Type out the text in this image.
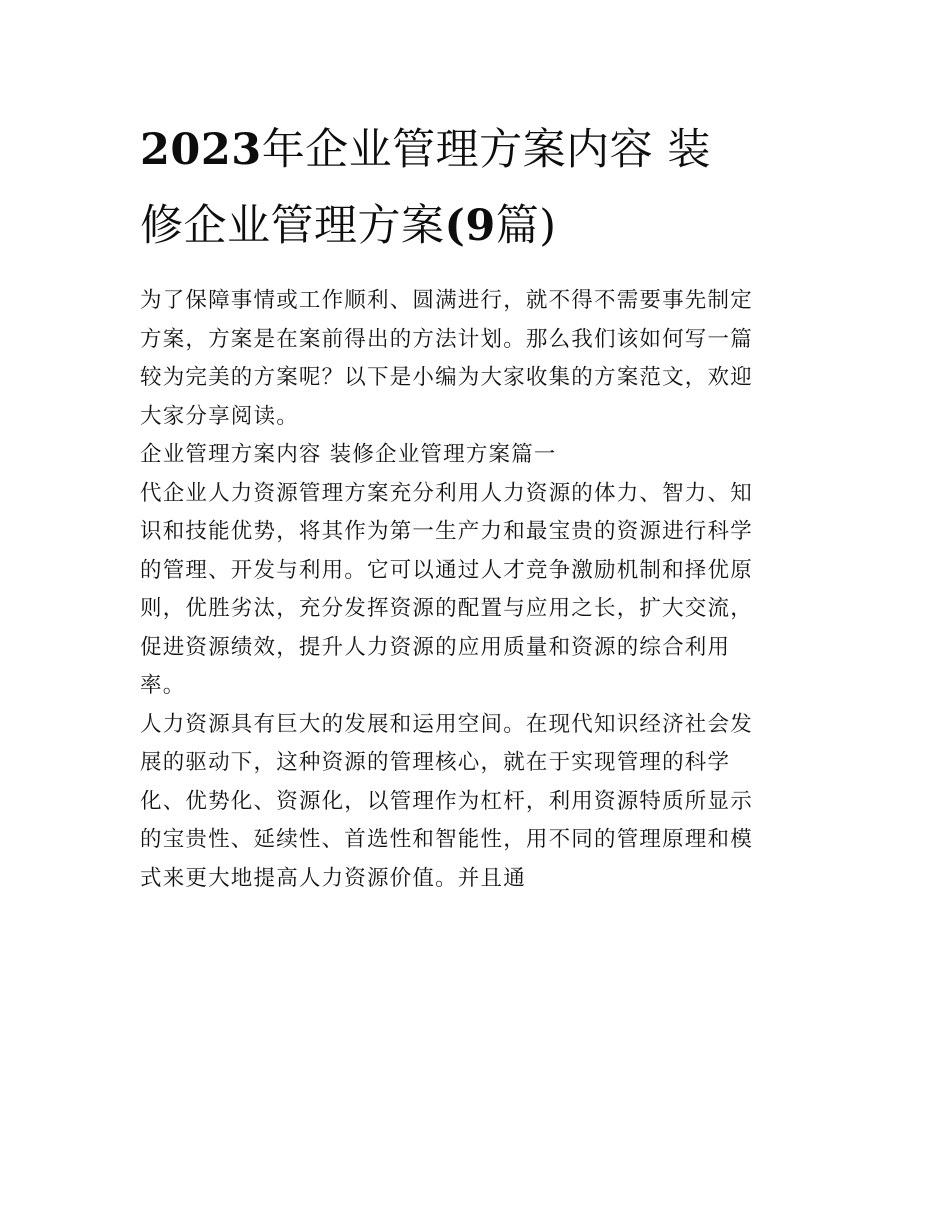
2023年企业管理方案内容 装
修企业管理方案(9篇)
为了保障事情或工作顺利、圆满进行，就不得不需要事先制定
方案，方案是在案前得出的方法计划。那么我们该如何写一篇
较为完美的方案呢？以下是小编为大家收集的方案范文，欢迎
大家分享阅读。
企业管理方案内容 装修企业管理方案篇一
代企业人力资源管理方案充分利用人力资源的体力、智力、知
识和技能优势，将其作为第一生产力和最宝贵的资源进行科学
的管理、开发与利用。它可以通过人才竞争激励机制和择优原
则，优胜劣汰，充分发挥资源的配置与应用之长，扩大交流，
促进资源绩效，提升人力资源的应用质量和资源的综合利用
率。
人力资源具有巨大的发展和运用空间。在现代知识经济社会发
展的驱动下，这种资源的管理核心，就在于实现管理的科学
化、优势化、资源化，以管理作为杠杆，利用资源特质所显示
的宝贵性、延续性、首选性和智能性，用不同的管理原理和模
式来更大地提高人力资源价值。并且通
